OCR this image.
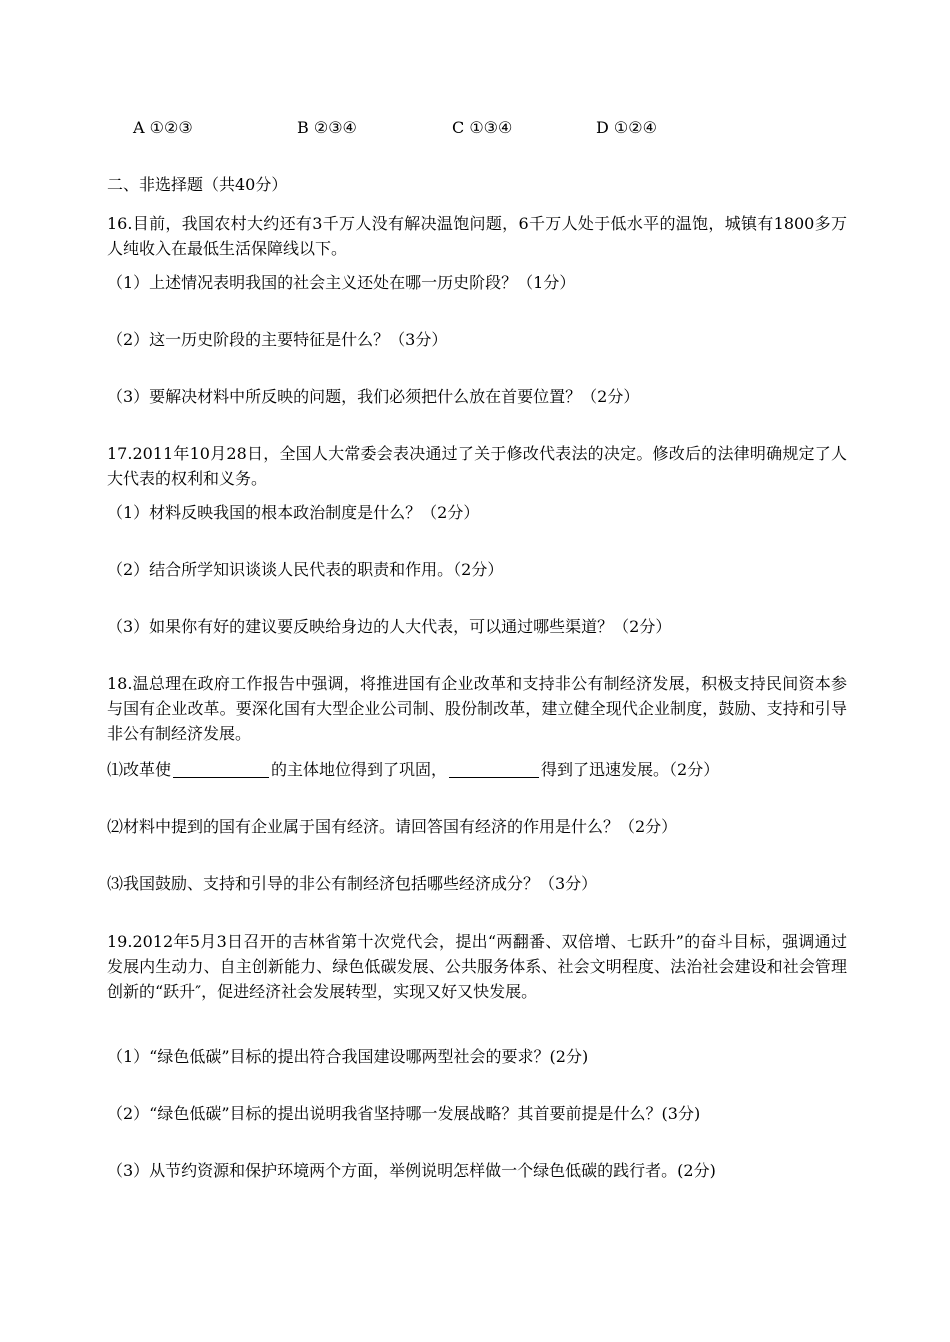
A ①②③	B ②③④	C ①③④	D ①②④
二、非选择题（共40分）

16.目前，我国农村大约还有3千万人没有解决温饱问题，6千万人处于低水平的温饱，城镇有1800多万人纯收入在最低生活保障线以下。

（1）上述情况表明我国的社会主义还处在哪一历史阶段？（1分）

（2）这一历史阶段的主要特征是什么？（3分）

（3）要解决材料中所反映的问题，我们必须把什么放在首要位置？（2分）

17.2011年10月28日，全国人大常委会表决通过了关于修改代表法的决定。修改后的法律明确规定了人大代表的权利和义务。

（1）材料反映我国的根本政治制度是什么？（2分）

（2）结合所学知识谈谈人民代表的职责和作用。（2分）

（3）如果你有好的建议要反映给身边的人大代表，可以通过哪些渠道？（2分）

18.温总理在政府工作报告中强调，将推进国有企业改革和支持非公有制经济发展，积极支持民间资本参与国有企业改革。要深化国有大型企业公司制、股份制改革，建立健全现代企业制度，鼓励、支持和引导非公有制经济发展。

⑴改革使	的主体地位得到了巩固，	得到了迅速发展。（2分）

⑵材料中提到的国有企业属于国有经济。请回答国有经济的作用是什么？（2分）

⑶我国鼓励、支持和引导的非公有制经济包括哪些经济成分？（3分）

19.2012年5月3日召开的吉林省第十次党代会，提出“两翻番、双倍增、七跃升”的奋斗目标，强调通过发展内生动力、自主创新能力、绿色低碳发展、公共服务体系、社会文明程度、法治社会建设和社会管理创新的“跃升″，促进经济社会发展转型，实现又好又快发展。

（1）“绿色低碳”目标的提出符合我国建设哪两型社会的要求？(2分)

（2）“绿色低碳”目标的提出说明我省坚持哪一发展战略？其首要前提是什么？(3分)

（3）从节约资源和保护环境两个方面，举例说明怎样做一个绿色低碳的践行者。(2分)
